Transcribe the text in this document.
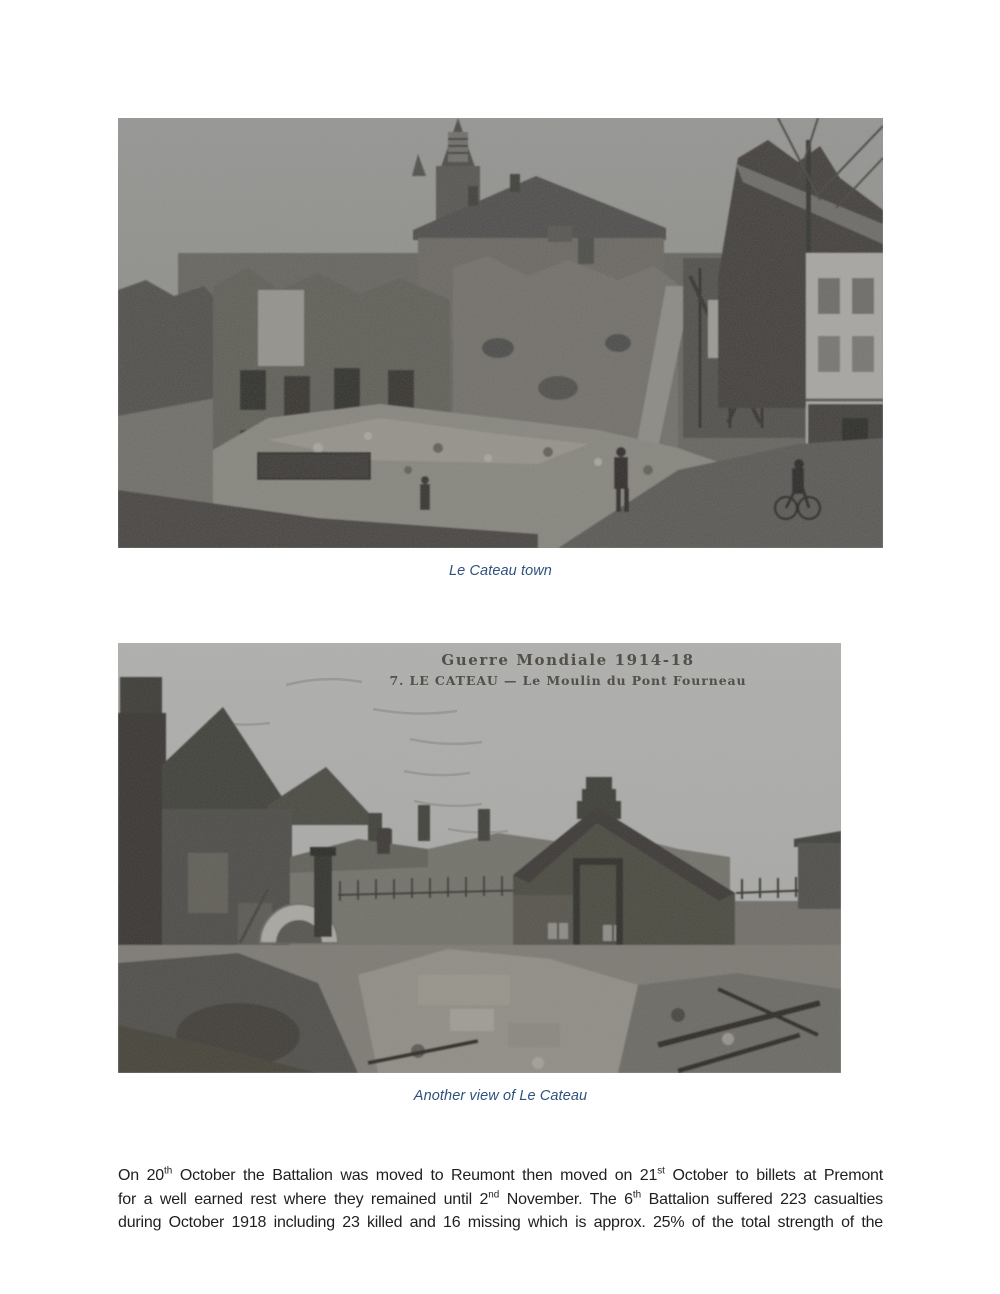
Le Cateau town
Guerre Mondiale 1914-18
7. LE CATEAU — Le Moulin du Pont Fourneau
Another view of Le Cateau
On 20th October the Battalion was moved to Reumont then moved on 21st October to billets at Premont
for a well earned rest where they remained until 2nd November. The 6th Battalion suffered 223 casualties
during October 1918 including 23 killed and 16 missing which is approx. 25% of the total strength of the
